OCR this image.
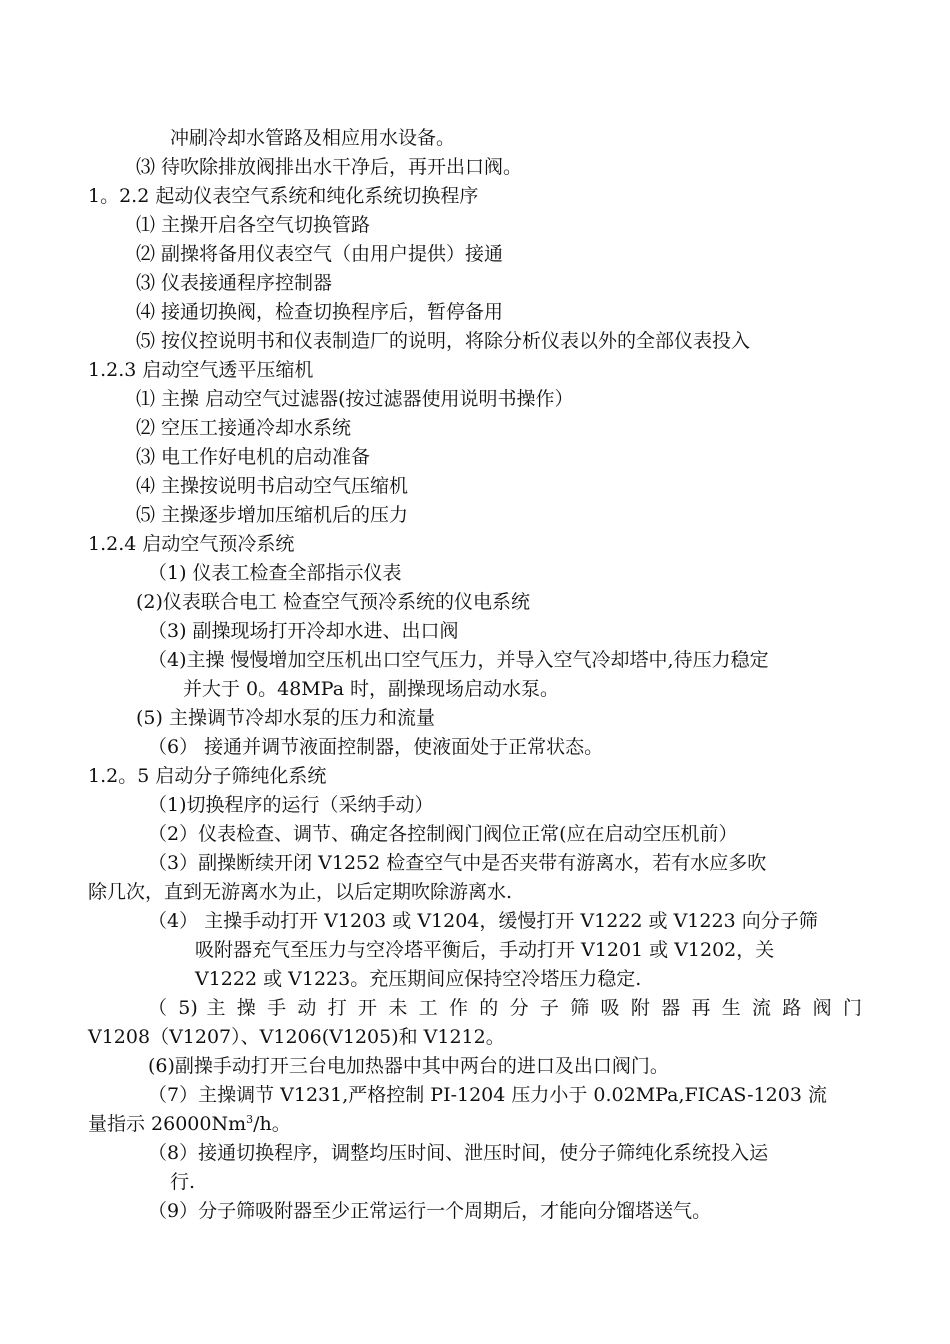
冲刷冷却水管路及相应用水设备。
⑶ 待吹除排放阀排出水干净后，再开出口阀。
1。2.2 起动仪表空气系统和纯化系统切换程序
⑴ 主操开启各空气切换管路
⑵ 副操将备用仪表空气（由用户提供）接通
⑶ 仪表接通程序控制器
⑷ 接通切换阀，检查切换程序后，暂停备用
⑸ 按仪控说明书和仪表制造厂的说明，将除分析仪表以外的全部仪表投入
1.2.3 启动空气透平压缩机
⑴ 主操 启动空气过滤器(按过滤器使用说明书操作）
⑵ 空压工接通冷却水系统
⑶ 电工作好电机的启动准备
⑷ 主操按说明书启动空气压缩机
⑸ 主操逐步增加压缩机后的压力
1.2.4 启动空气预冷系统
（1) 仪表工检查全部指示仪表
(2)仪表联合电工 检查空气预冷系统的仪电系统
（3) 副操现场打开冷却水进、出口阀
（4)主操 慢慢增加空压机出口空气压力，并导入空气冷却塔中,待压力稳定
并大于 0。48MPa 时，副操现场启动水泵。
(5) 主操调节冷却水泵的压力和流量
（6） 接通并调节液面控制器，使液面处于正常状态。
1.2。5 启动分子筛纯化系统
（1)切换程序的运行（采纳手动）
（2）仪表检查、调节、确定各控制阀门阀位正常(应在启动空压机前）
（3）副操断续开闭 V1252 检查空气中是否夹带有游离水，若有水应多吹
除几次，直到无游离水为止，以后定期吹除游离水.
（4） 主操手动打开 V1203 或 V1204，缓慢打开 V1222 或 V1223 向分子筛
吸附器充气至压力与空冷塔平衡后，手动打开 V1201 或 V1202，关
V1222 或 V1223。充压期间应保持空冷塔压力稳定.
（ 5) 主 操 手 动 打 开 未 工 作 的 分 子 筛 吸 附 器 再 生 流 路 阀 门
V1208（V1207）、V1206(V1205)和 V1212。
(6)副操手动打开三台电加热器中其中两台的进口及出口阀门。
（7）主操调节 V1231,严格控制 PI-1204 压力小于 0.02MPa,FICAS-1203 流
量指示 26000Nm$^3$/h。
（8）接通切换程序，调整均压时间、泄压时间，使分子筛纯化系统投入运
行.
（9）分子筛吸附器至少正常运行一个周期后，才能向分馏塔送气。
